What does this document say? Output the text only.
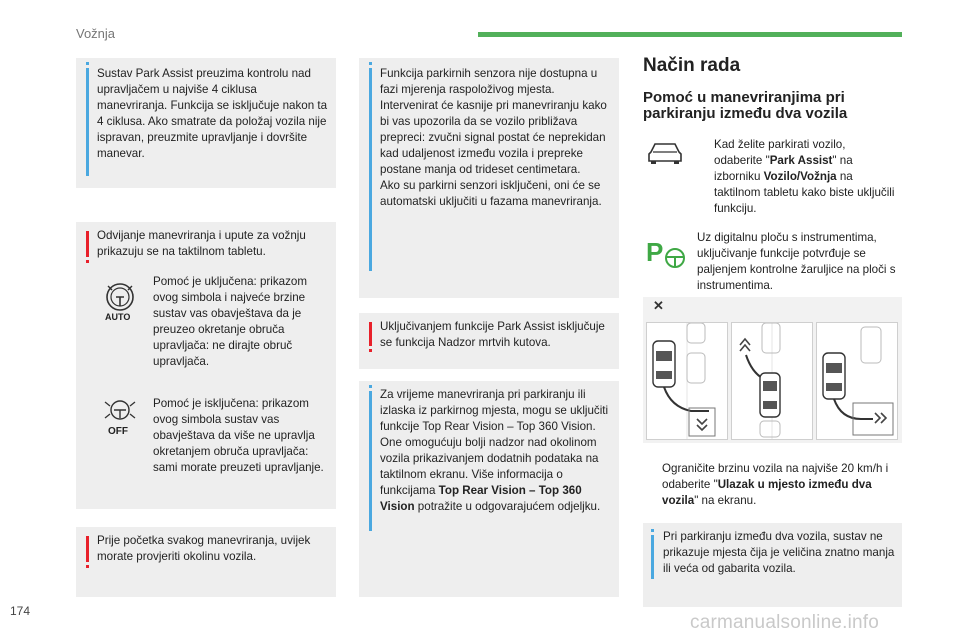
Vožnja
Sustav Park Assist preuzima kontrolu nad upravljačem u najviše 4 ciklusa manevriranja. Funkcija se isključuje nakon ta 4 ciklusa. Ako smatrate da položaj vozila nije ispravan, preuzmite upravljanje i dovršite manevar.
Odvijanje manevriranja i upute za vožnju prikazuju se na taktilnom tabletu.
AUTO
Pomoć je uključena: prikazom ovog simbola i najveće brzine sustav vas obavještava da je preuzeo okretanje obruča upravljača: ne dirajte obruč upravljača.
OFF
Pomoć je isključena: prikazom ovog simbola sustav vas obavještava da više ne upravlja okretanjem obruča upravljača: sami morate preuzeti upravljanje.
Prije početka svakog manevriranja, uvijek morate provjeriti okolinu vozila.
Funkcija parkirnih senzora nije dostupna u fazi mjerenja raspoloživog mjesta. Intervenirat će kasnije pri manevriranju kako bi vas upozorila da se vozilo približava prepreci: zvučni signal postat će neprekidan kad udaljenost između vozila i prepreke postane manja od trideset centimetara.
Ako su parkirni senzori isključeni, oni će se automatski uključiti u fazama manevriranja.
Uključivanjem funkcije Park Assist isključuje se funkcija Nadzor mrtvih kutova.
Za vrijeme manevriranja pri parkiranju ili izlaska iz parkirnog mjesta, mogu se uključiti funkcije Top Rear Vision – Top 360 Vision. One omogućuju bolji nadzor nad okolinom vozila prikazivanjem dodatnih podataka na taktilnom ekranu. Više informacija o funkcijama Top Rear Vision – Top 360 Vision potražite u odgovarajućem odjeljku.
Način rada
Pomoć u manevriranjima pri parkiranju između dva vozila
Kad želite parkirati vozilo, odaberite "Park Assist" na izborniku Vozilo/Vožnja na taktilnom tabletu kako biste uključili funkciju.
P	Uz digitalnu ploču s instrumentima, uključivanje funkcije potvrđuje se paljenjem kontrolne žaruljice na ploči s instrumentima.
✕
Ograničite brzinu vozila na najviše 20 km/h i odaberite "Ulazak u mjesto između dva vozila" na ekranu.
Pri parkiranju između dva vozila, sustav ne prikazuje mjesta čija je veličina znatno manja ili veća od gabarita vozila.
174
carmanualsonline.info
